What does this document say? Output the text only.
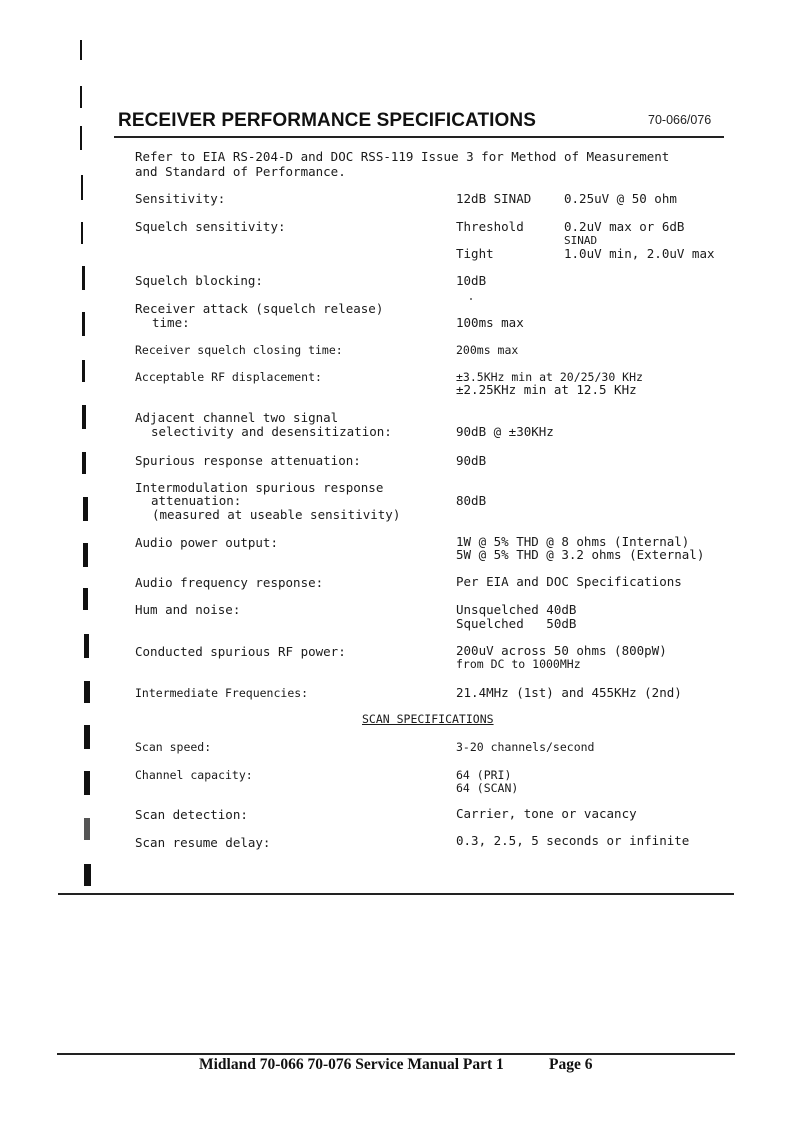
RECEIVER PERFORMANCE SPECIFICATIONS	70-066/076
Refer to EIA RS-204-D and DOC RSS-119 Issue 3 for Method of Measurement
and Standard of Performance.
Sensitivity:	12dB SINAD	0.25uV @ 50 ohm
Squelch sensitivity:	Threshold	0.2uV max or 6dB
SINAD
Tight	1.0uV min, 2.0uV max
Squelch blocking:	10dB
Receiver attack (squelch release)
time:	100ms max
Receiver squelch closing time:	200ms max
Acceptable RF displacement:	±3.5KHz min at 20/25/30 KHz
±2.25KHz min at 12.5 KHz
Adjacent channel two signal
selectivity and desensitization:	90dB @ ±30KHz
Spurious response attenuation:	90dB
Intermodulation spurious response
attenuation:	80dB
(measured at useable sensitivity)
Audio power output:	1W @ 5% THD @ 8 ohms (Internal)
5W @ 5% THD @ 3.2 ohms (External)
Audio frequency response:	Per EIA and DOC Specifications
Hum and noise:	Unsquelched 40dB
Squelched   50dB
Conducted spurious RF power:	200uV across 50 ohms (800pW)
from DC to 1000MHz
Intermediate Frequencies:	21.4MHz (1st) and 455KHz (2nd)
SCAN SPECIFICATIONS
Scan speed:	3-20 channels/second
Channel capacity:	64 (PRI)
64 (SCAN)
Scan detection:	Carrier, tone or vacancy
Scan resume delay:	0.3, 2.5, 5 seconds or infinite
Midland 70-066 70-076 Service Manual Part 1	Page 6
